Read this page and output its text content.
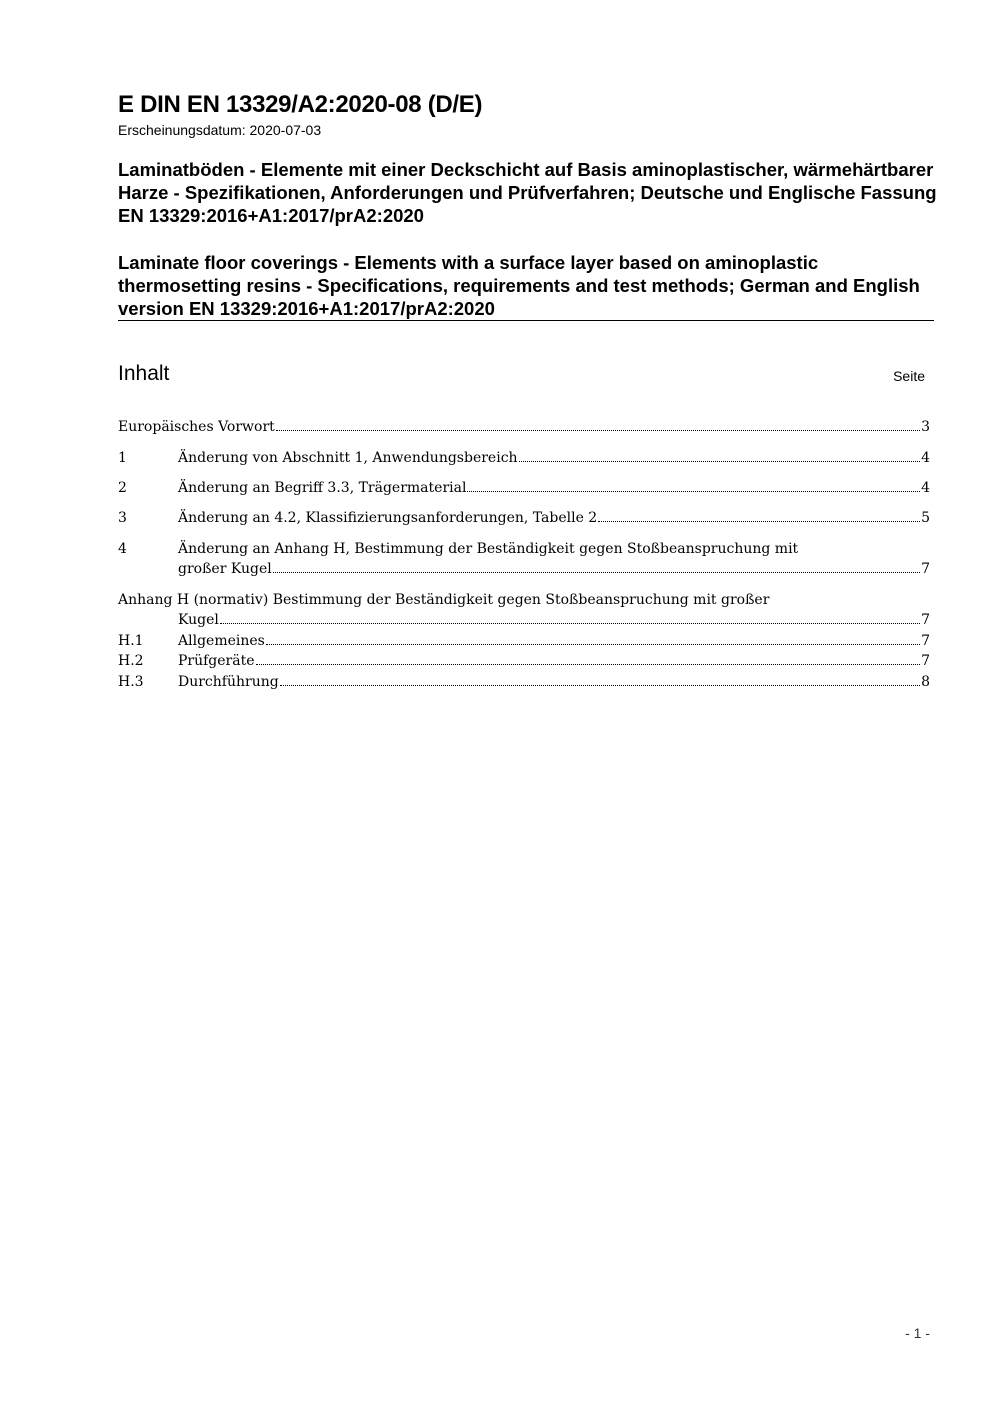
E DIN EN 13329/A2:2020-08 (D/E)
Erscheinungsdatum: 2020-07-03

Laminatböden - Elemente mit einer Deckschicht auf Basis aminoplastischer, wärmehärtbarer Harze - Spezifikationen, Anforderungen und Prüfverfahren; Deutsche und Englische Fassung EN 13329:2016+A1:2017/prA2:2020

Laminate floor coverings - Elements with a surface layer based on aminoplastic thermosetting resins - Specifications, requirements and test methods; German and English version EN 13329:2016+A1:2017/prA2:2020

Inhalt	Seite
Europäisches Vorwort	3
1	Änderung von Abschnitt 1, Anwendungsbereich	4
2	Änderung an Begriff 3.3, Trägermaterial	4
3	Änderung an 4.2, Klassifizierungsanforderungen, Tabelle 2	5
4	Änderung an Anhang H, Bestimmung der Beständigkeit gegen Stoßbeanspruchung mit
großer Kugel	7
Anhang H (normativ) Bestimmung der Beständigkeit gegen Stoßbeanspruchung mit großer
Kugel	7
H.1	Allgemeines	7
H.2	Prüfgeräte	7
H.3	Durchführung	8
- 1 -
